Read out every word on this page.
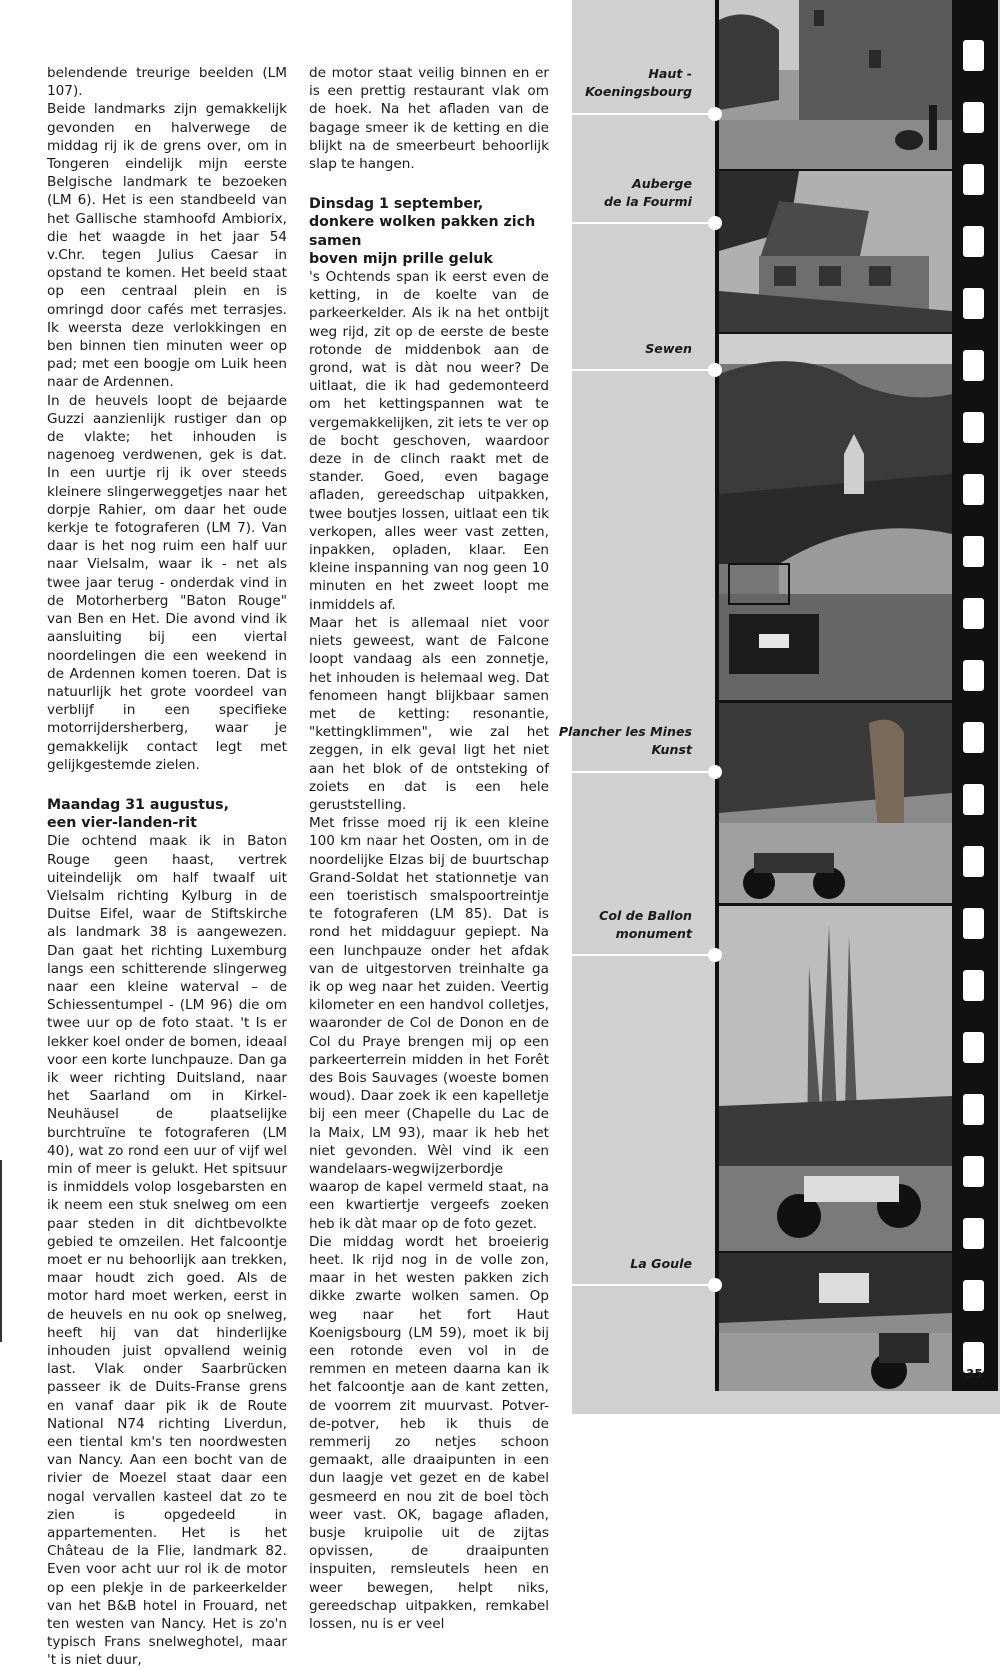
belendende treurige beelden (LM 107).

Beide landmarks zijn gemakkelijk gevonden en halverwege de middag rij ik de grens over, om in Tongeren eindelijk mijn eerste Belgische landmark te bezoeken (LM 6). Het is een standbeeld van het Gallische stamhoofd Ambiorix, die het waagde in het jaar 54 v.Chr. tegen Julius Caesar in opstand te komen. Het beeld staat op een centraal plein en is omringd door cafés met terrasjes. Ik weersta deze verlokkingen en ben binnen tien minuten weer op pad; met een boogje om Luik heen naar de Ardennen.

In de heuvels loopt de bejaarde Guzzi aanzienlijk rustiger dan op de vlakte; het inhouden is nagenoeg verdwenen, gek is dat. In een uurtje rij ik over steeds kleinere slingerweggetjes naar het dorpje Rahier, om daar het oude kerkje te fotograferen (LM 7). Van daar is het nog ruim een half uur naar Vielsalm, waar ik - net als twee jaar terug - onderdak vind in de Motorherberg "Baton Rouge" van Ben en Het. Die avond vind ik aansluiting bij een viertal noordelingen die een weekend in de Ardennen komen toeren. Dat is natuurlijk het grote voordeel van verblijf in een specifieke motorrijdersherberg, waar je gemakkelijk contact legt met gelijkgestemde zielen.

Maandag 31 augustus,
een vier-landen-rit

Die ochtend maak ik in Baton Rouge geen haast, vertrek uiteindelijk om half twaalf uit Vielsalm richting Kylburg in de Duitse Eifel, waar de Stiftskirche als landmark 38 is aangewezen. Dan gaat het richting Luxemburg langs een schitterende slingerweg naar een kleine waterval – de Schiessentumpel - (LM 96) die om twee uur op de foto staat. 't Is er lekker koel onder de bomen, ideaal voor een korte lunchpauze. Dan ga ik weer richting Duitsland, naar het Saarland om in Kirkel-Neuhäusel de plaatselijke burchtruïne te fotograferen (LM 40), wat zo rond een uur of vijf wel min of meer is gelukt. Het spitsuur is inmiddels volop losgebarsten en ik neem een stuk snelweg om een paar steden in dit dichtbevolkte gebied te omzeilen. Het falcoontje moet er nu behoorlijk aan trekken, maar houdt zich goed. Als de motor hard moet werken, eerst in de heuvels en nu ook op snelweg, heeft hij van dat hinderlijke inhouden juist opvallend weinig last. Vlak onder Saarbrücken passeer ik de Duits-Franse grens en vanaf daar pik ik de Route National N74 richting Liverdun, een tiental km's ten noordwesten van Nancy. Aan een bocht van de rivier de Moezel staat daar een nogal vervallen kasteel dat zo te zien is opgedeeld in appartementen. Het is het Château de la Flie, landmark 82. Even voor acht uur rol ik de motor op een plekje in de parkeerkelder van het B&B hotel in Frouard, net ten westen van Nancy. Het is zo'n typisch Frans snelweghotel, maar 't is niet duur,

de motor staat veilig binnen en er is een prettig restaurant vlak om de hoek. Na het afladen van de bagage smeer ik de ketting en die blijkt na de smeerbeurt behoorlijk slap te hangen.

Dinsdag 1 september,
donkere wolken pakken zich samen
boven mijn prille geluk

's Ochtends span ik eerst even de ketting, in de koelte van de parkeerkelder. Als ik na het ontbijt weg rijd, zit op de eerste de beste rotonde de middenbok aan de grond, wat is dàt nou weer? De uitlaat, die ik had gedemonteerd om het kettingspannen wat te vergemakkelijken, zit iets te ver op de bocht geschoven, waardoor deze in de clinch raakt met de stander. Goed, even bagage afladen, gereedschap uitpakken, twee boutjes lossen, uitlaat een tik verkopen, alles weer vast zetten, inpakken, opladen, klaar. Een kleine inspanning van nog geen 10 minuten en het zweet loopt me inmiddels af.

Maar het is allemaal niet voor niets geweest, want de Falcone loopt vandaag als een zonnetje, het inhouden is helemaal weg. Dat fenomeen hangt blijkbaar samen met de ketting: resonantie, "kettingklimmen", wie zal het zeggen, in elk geval ligt het niet aan het blok of de ontsteking of zoiets en dat is een hele geruststelling.

Met frisse moed rij ik een kleine 100 km naar het Oosten, om in de noordelijke Elzas bij de buurtschap Grand-Soldat het stationnetje van een toeristisch smalspoortreintje te fotograferen (LM 85). Dat is rond het middaguur gepiept. Na een lunchpauze onder het afdak van de uitgestorven treinhalte ga ik op weg naar het zuiden. Veertig kilometer en een handvol colletjes, waaronder de Col de Donon en de Col du Praye brengen mij op een parkeerterrein midden in het Forêt des Bois Sauvages (woeste bomen woud). Daar zoek ik een kapelletje bij een meer (Chapelle du Lac de la Maix, LM 93), maar ik heb het niet gevonden. Wèl vind ik een wandelaars-wegwijzerbordje waarop de kapel vermeld staat, na een kwartiertje vergeefs zoeken heb ik dàt maar op de foto gezet.

Die middag wordt het broeierig heet. Ik rijd nog in de volle zon, maar in het westen pakken zich dikke zwarte wolken samen. Op weg naar het fort Haut Koenigsbourg (LM 59), moet ik bij een rotonde even vol in de remmen en meteen daarna kan ik het falcoontje aan de kant zetten, de voorrem zit muurvast. Potver-de-potver, heb ik thuis de remmerij zo netjes schoon gemaakt, alle draaipunten in een dun laagje vet gezet en de kabel gesmeerd en nou zit de boel tòch weer vast. OK, bagage afladen, busje kruipolie uit de zijtas opvissen, de draaipunten inspuiten, remsleutels heen en weer bewegen, helpt niks, gereedschap uitpakken, remkabel lossen, nu is er veel

Haut -
Koeningsbourg
Auberge
de la Fourmi
Sewen

Plancher les Mines
Kunst
Col de Ballon
monument
La Goule

35
